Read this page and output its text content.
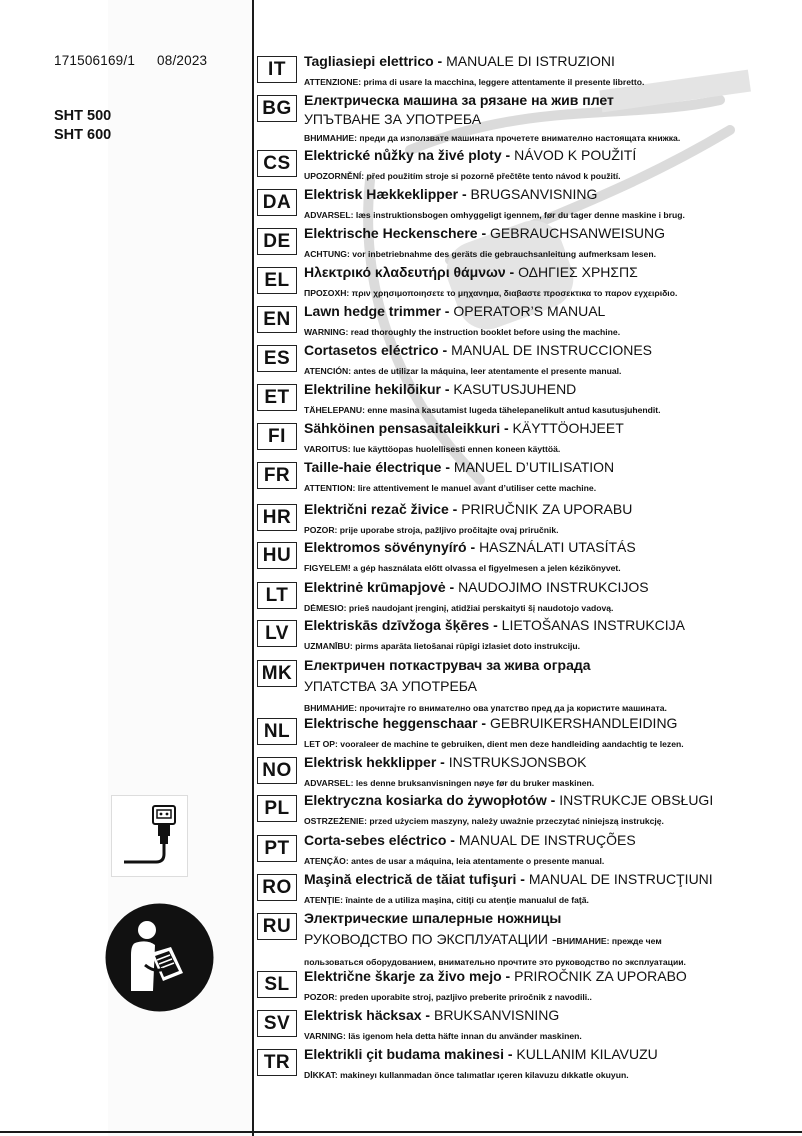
171506169/1 08/2023
SHT 500
SHT 600
IT	Tagliasiepi elettrico - MANUALE DI ISTRUZIONI
ATTENZIONE: prima di usare la macchina, leggere attentamente il presente libretto.
BG Електрическа машина за рязане на жив плет
УПЪТВАНЕ ЗА УПОТРЕБА
ВНИМАНИЕ: преди да използвате машината прочетете внимателно настоящата книжка.
CS Elektrické nůžky na živé ploty - NÁVOD K POUŽITÍ
UPOZORNĚNÍ: před použitím stroje si pozorně přečtěte tento návod k použití.
DA Elektrisk Hækkeklipper - BRUGSANVISNING
ADVARSEL: læs instruktionsbogen omhyggeligt igennem, før du tager denne maskine i brug.
DE Elektrische Heckenschere - GEBRAUCHSANWEISUNG
ACHTUNG: vor inbetriebnahme des geräts die gebrauchsanleitung aufmerksam lesen.
EL	Ηλεκτρικό κλαδευτήρι θάμνων - ΟΔΗΓΙΕΣ ΧΡΗΣΠΣ
ΠΡΟΣΟΧΗ: πριν χρησιμοποιησετε το μηχανημα, διαβαστε προσεκτικα το παρον εγχειριδιο.
EN Lawn hedge trimmer - OPERATOR’S MANUAL
WARNING: read thoroughly the instruction booklet before using the machine.
ES Cortasetos eléctrico - MANUAL DE INSTRUCCIONES
ATENCIÓN: antes de utilizar la máquina, leer atentamente el presente manual.
ET	Elektriline hekilõikur - KASUTUSJUHEND
TÄHELEPANU: enne masina kasutamist lugeda tähelepanelikult antud kasutusjuhendit.
FI	Sähköinen pensasaitaleikkuri - KÄYTTÖOHJEET
VAROITUS: lue käyttöopas huolellisesti ennen koneen käyttöä.
FR Taille-haie électrique - MANUEL D’UTILISATION
ATTENTION: lire attentivement le manuel avant d’utiliser cette machine.
HR Električni rezač živice - PRIRUČNIK ZA UPORABU
POZOR: prije uporabe stroja, pažljivo pročitajte ovaj priručnik.
HU Elektromos sövénynyíró - HASZNÁLATI UTASÍTÁS
FIGYELEM! a gép használata előtt olvassa el figyelmesen a jelen kézikönyvet.
LT	Elektrinė krūmapjovė - NAUDOJIMO INSTRUKCIJOS
DĖMESIO: prieš naudojant įrenginį, atidžiai perskaityti šį naudotojo vadovą.
LV	Elektriskās dzīvžoga šķēres - LIETOŠANAS INSTRUKCIJA
UZMANĪBU: pirms aparāta lietošanai rūpīgi izlasiet doto instrukciju.
MK Електричен поткаструвач за жива ограда
УПАТСТВА ЗА УПОТРЕБА
ВНИМАНИЕ: прочитајте го внимателно ова упатство пред да ја користите машината.
NL Elektrische heggenschaar - GEBRUIKERSHANDLEIDING
LET OP: vooraleer de machine te gebruiken, dient men deze handleiding aandachtig te lezen.
NO Elektrisk hekklipper - INSTRUKSJONSBOK
ADVARSEL: les denne bruksanvisningen nøye før du bruker maskinen.
PL	Elektryczna kosiarka do żywopłotów - INSTRUKCJE OBSŁUGI
OSTRZEŻENIE: przed użyciem maszyny, należy uważnie przeczytać niniejszą instrukcję.
PT	Corta-sebes eléctrico - MANUAL DE INSTRUÇÕES
ATENÇÃO: antes de usar a máquina, leia atentamente o presente manual.
RO Maşină electrică de tăiat tufişuri - MANUAL DE INSTRUCŢIUNI
ATENŢIE: înainte de a utiliza maşina, citiţi cu atenţie manualul de faţă.
RU Электрические шпалерные ножницы
РУКОВОДСТВО ПО ЭКСПЛУАТАЦИИ -ВНИМАНИЕ: прежде чем
пользоваться оборудованием, внимательно прочтите это руководство по эксплуатации.
SL	Električne škarje za živo mejo - PRIROČNIK ZA UPORABO
POZOR: preden uporabite stroj, pazljivo preberite priročnik z navodili..
SV Elektrisk häcksax - BRUKSANVISNING
VARNING: läs igenom hela detta häfte innan du använder maskinen.
TR Elektrikli çit budama makinesi - KULLANIM KILAVUZU
DİKKAT: makineyı kullanmadan önce talımatlar ıçeren kilavuzu dıkkatle okuyun.
